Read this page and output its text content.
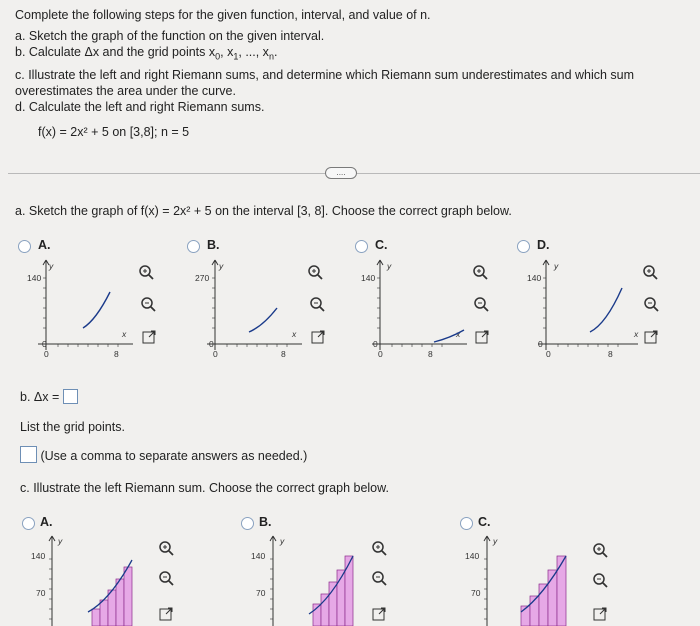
Complete the following steps for the given function, interval, and value of n.
a. Sketch the graph of the function on the given interval.
b. Calculate Δx and the grid points $x_0$, $x_1$, ..., $x_n$.
c. Illustrate the left and right Riemann sums, and determine which Riemann sum underestimates and which sum
overestimates the area under the curve.
d. Calculate the left and right Riemann sums.
f(x) = 2x² + 5 on [3,8]; n = 5
....
a. Sketch the graph of f(x) = 2x² + 5 on the interval [3, 8]. Choose the correct graph below.
A.
140
0
y
x
8
0
B.
270
0
y
x
8
0
C.
140
0
y
x
8
0
D.
140
0
y
x
8
0
b. Δx =
List the grid points.
(Use a comma to separate answers as needed.)
c. Illustrate the left Riemann sum. Choose the correct graph below.
A.
140
70
y
B.
140
70
y
C.
140
70
y
